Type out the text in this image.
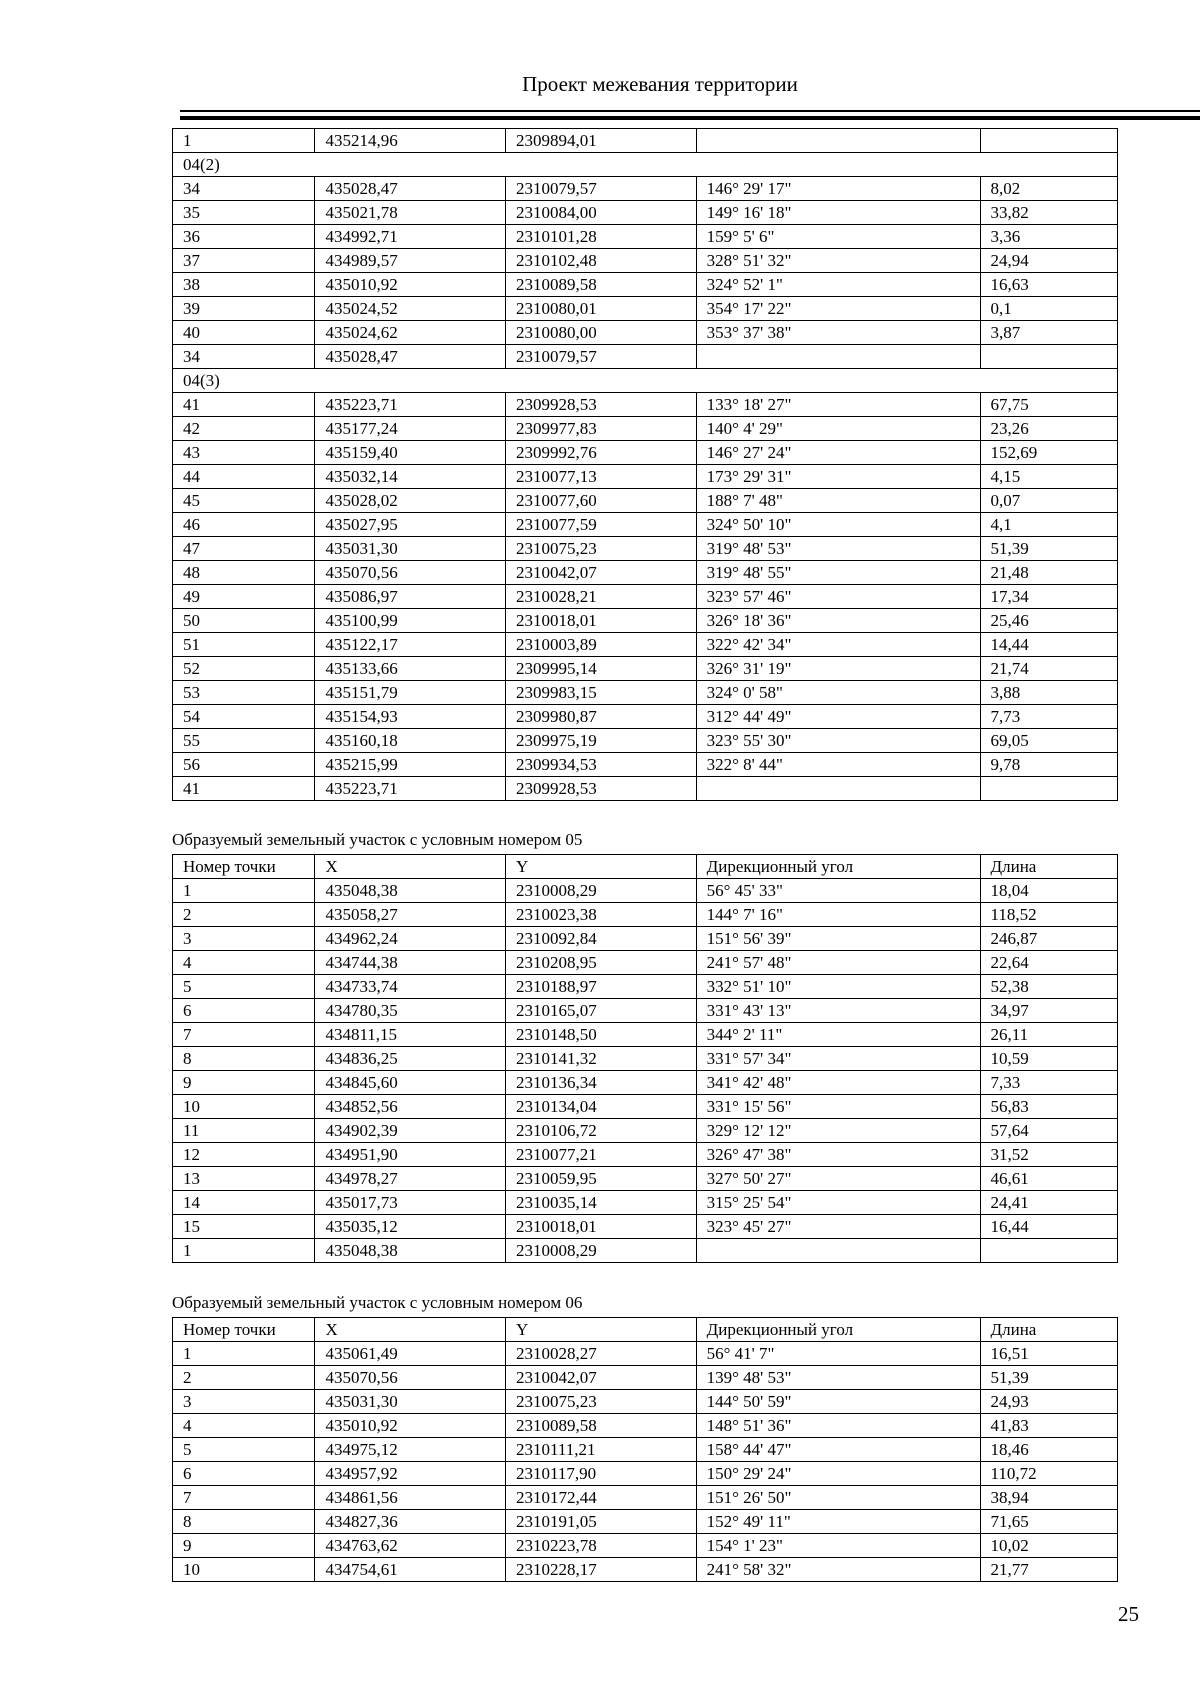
Проект межевания территории
1	435214,96	2309894,01		
04(2)				
34	435028,47	2310079,57	146° 29' 17"	8,02
35	435021,78	2310084,00	149° 16' 18"	33,82
36	434992,71	2310101,28	159° 5' 6"	3,36
37	434989,57	2310102,48	328° 51' 32"	24,94
38	435010,92	2310089,58	324° 52' 1"	16,63
39	435024,52	2310080,01	354° 17' 22"	0,1
40	435024,62	2310080,00	353° 37' 38"	3,87
34	435028,47	2310079,57		
04(3)				
41	435223,71	2309928,53	133° 18' 27"	67,75
42	435177,24	2309977,83	140° 4' 29"	23,26
43	435159,40	2309992,76	146° 27' 24"	152,69
44	435032,14	2310077,13	173° 29' 31"	4,15
45	435028,02	2310077,60	188° 7' 48"	0,07
46	435027,95	2310077,59	324° 50' 10"	4,1
47	435031,30	2310075,23	319° 48' 53"	51,39
48	435070,56	2310042,07	319° 48' 55"	21,48
49	435086,97	2310028,21	323° 57' 46"	17,34
50	435100,99	2310018,01	326° 18' 36"	25,46
51	435122,17	2310003,89	322° 42' 34"	14,44
52	435133,66	2309995,14	326° 31' 19"	21,74
53	435151,79	2309983,15	324° 0' 58"	3,88
54	435154,93	2309980,87	312° 44' 49"	7,73
55	435160,18	2309975,19	323° 55' 30"	69,05
56	435215,99	2309934,53	322° 8' 44"	9,78
41	435223,71	2309928,53		
Образуемый земельный участок с условным номером 05
Номер точки	X	Y	Дирекционный угол	Длина
1	435048,38	2310008,29	56° 45' 33"	18,04
2	435058,27	2310023,38	144° 7' 16"	118,52
3	434962,24	2310092,84	151° 56' 39"	246,87
4	434744,38	2310208,95	241° 57' 48"	22,64
5	434733,74	2310188,97	332° 51' 10"	52,38
6	434780,35	2310165,07	331° 43' 13"	34,97
7	434811,15	2310148,50	344° 2' 11"	26,11
8	434836,25	2310141,32	331° 57' 34"	10,59
9	434845,60	2310136,34	341° 42' 48"	7,33
10	434852,56	2310134,04	331° 15' 56"	56,83
11	434902,39	2310106,72	329° 12' 12"	57,64
12	434951,90	2310077,21	326° 47' 38"	31,52
13	434978,27	2310059,95	327° 50' 27"	46,61
14	435017,73	2310035,14	315° 25' 54"	24,41
15	435035,12	2310018,01	323° 45' 27"	16,44
1	435048,38	2310008,29		
Образуемый земельный участок с условным номером 06
Номер точки	X	Y	Дирекционный угол	Длина
1	435061,49	2310028,27	56° 41' 7"	16,51
2	435070,56	2310042,07	139° 48' 53"	51,39
3	435031,30	2310075,23	144° 50' 59"	24,93
4	435010,92	2310089,58	148° 51' 36"	41,83
5	434975,12	2310111,21	158° 44' 47"	18,46
6	434957,92	2310117,90	150° 29' 24"	110,72
7	434861,56	2310172,44	151° 26' 50"	38,94
8	434827,36	2310191,05	152° 49' 11"	71,65
9	434763,62	2310223,78	154° 1' 23"	10,02
10	434754,61	2310228,17	241° 58' 32"	21,77
25
